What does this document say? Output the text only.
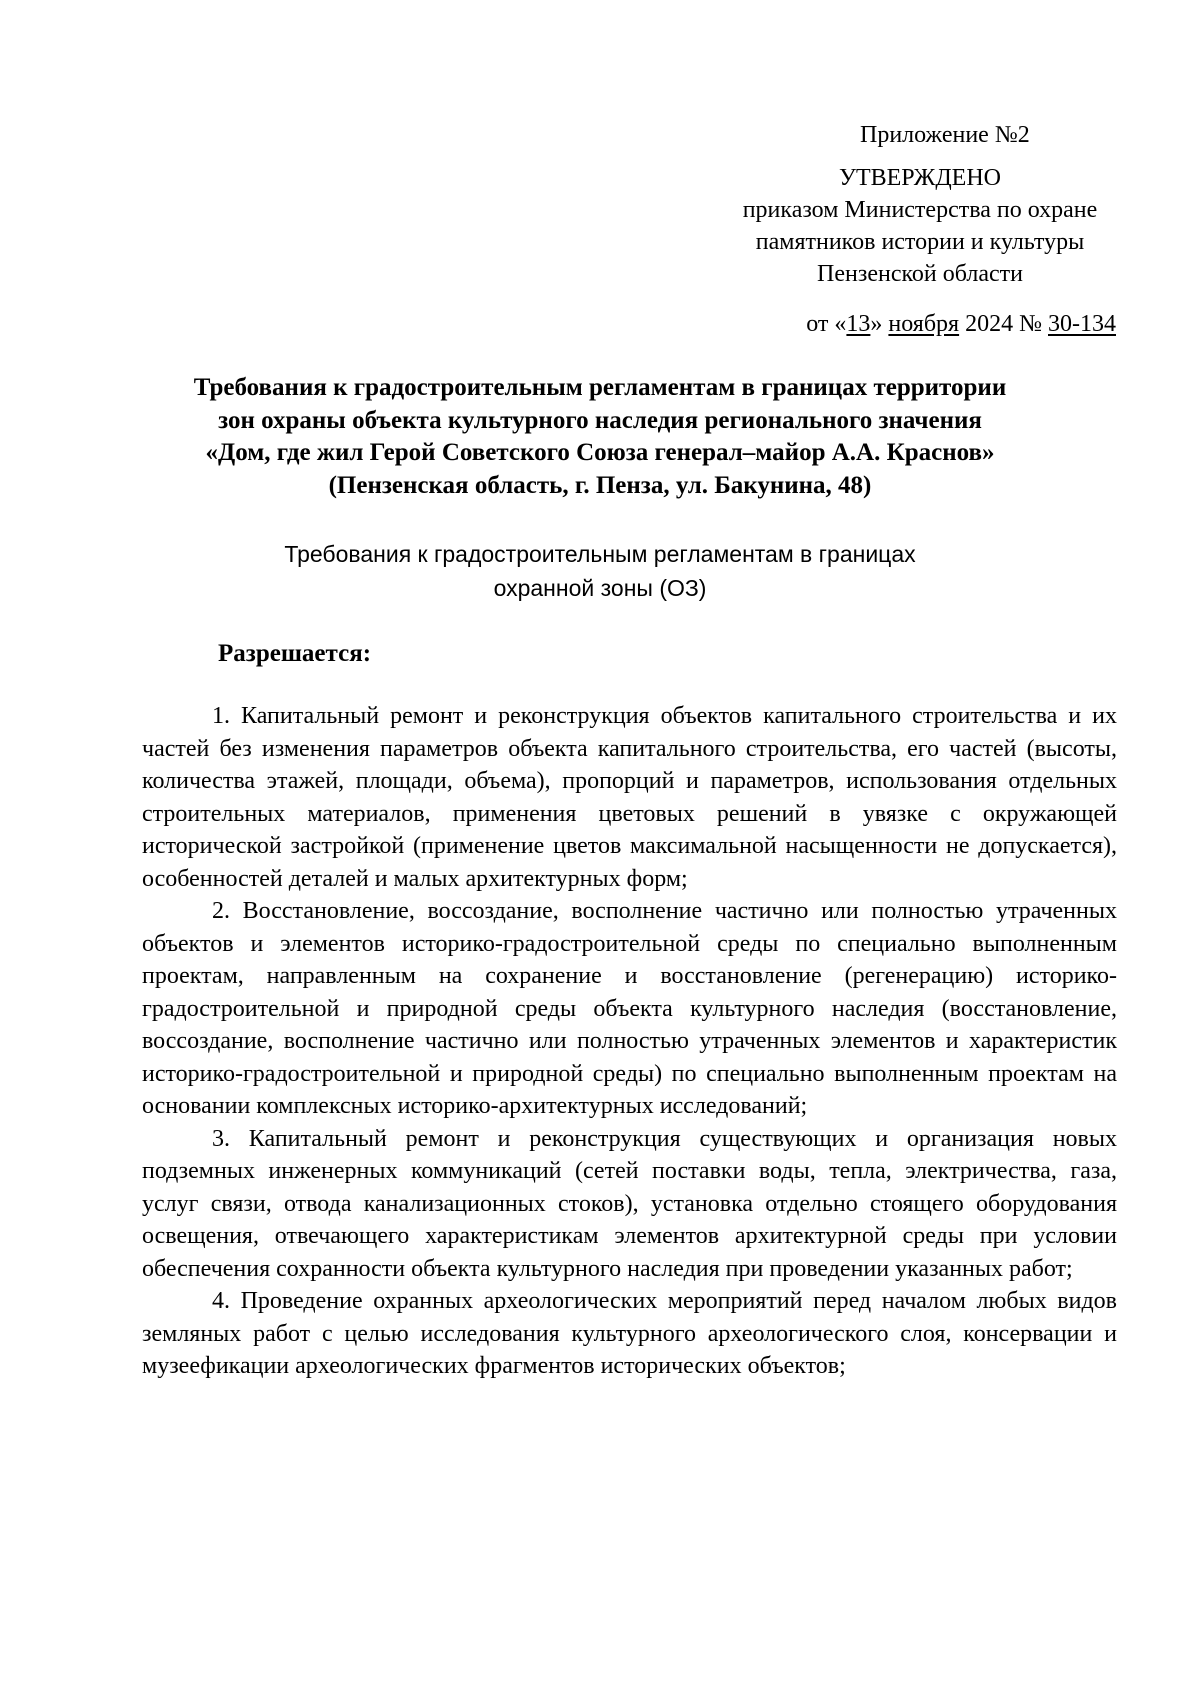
Приложение №2
УТВЕРЖДЕНО
приказом Министерства по охране
памятников истории и культуры
Пензенской области
от «13» ноября 2024 № 30-134
Требования к градостроительным регламентам в границах территории
зон охраны объекта культурного наследия регионального значения
«Дом, где жил Герой Советского Союза генерал–майор А.А. Краснов»
(Пензенская область, г. Пенза, ул. Бакунина, 48)
Требования к градостроительным регламентам в границах
охранной зоны (ОЗ)
Разрешается:

1. Капитальный ремонт и реконструкция объектов капитального строительства и их частей без изменения параметров объекта капитального строительства, его частей (высоты, количества этажей, площади, объема), пропорций и параметров, использования отдельных строительных материалов, применения цветовых решений в увязке с окружающей исторической застройкой (применение цветов максимальной насыщенности не допускается), особенностей деталей и малых архитектурных форм;

2. Восстановление, воссоздание, восполнение частично или полностью утраченных объектов и элементов историко-градостроительной среды по специально выполненным проектам, направленным на сохранение и восстановление (регенерацию) историко-градостроительной и природной среды объекта культурного наследия (восстановление, воссоздание, восполнение частично или полностью утраченных элементов и характеристик историко-градостроительной и природной среды) по специально выполненным проектам на основании комплексных историко-архитектурных исследований;

3. Капитальный ремонт и реконструкция существующих и организация новых подземных инженерных коммуникаций (сетей поставки воды, тепла, электричества, газа, услуг связи, отвода канализационных стоков), установка отдельно стоящего оборудования освещения, отвечающего характеристикам элементов архитектурной среды при условии обеспечения сохранности объекта культурного наследия при проведении указанных работ;

4. Проведение охранных археологических мероприятий перед началом любых видов земляных работ с целью исследования культурного археологического слоя, консервации и музеефикации археологических фрагментов исторических объектов;
